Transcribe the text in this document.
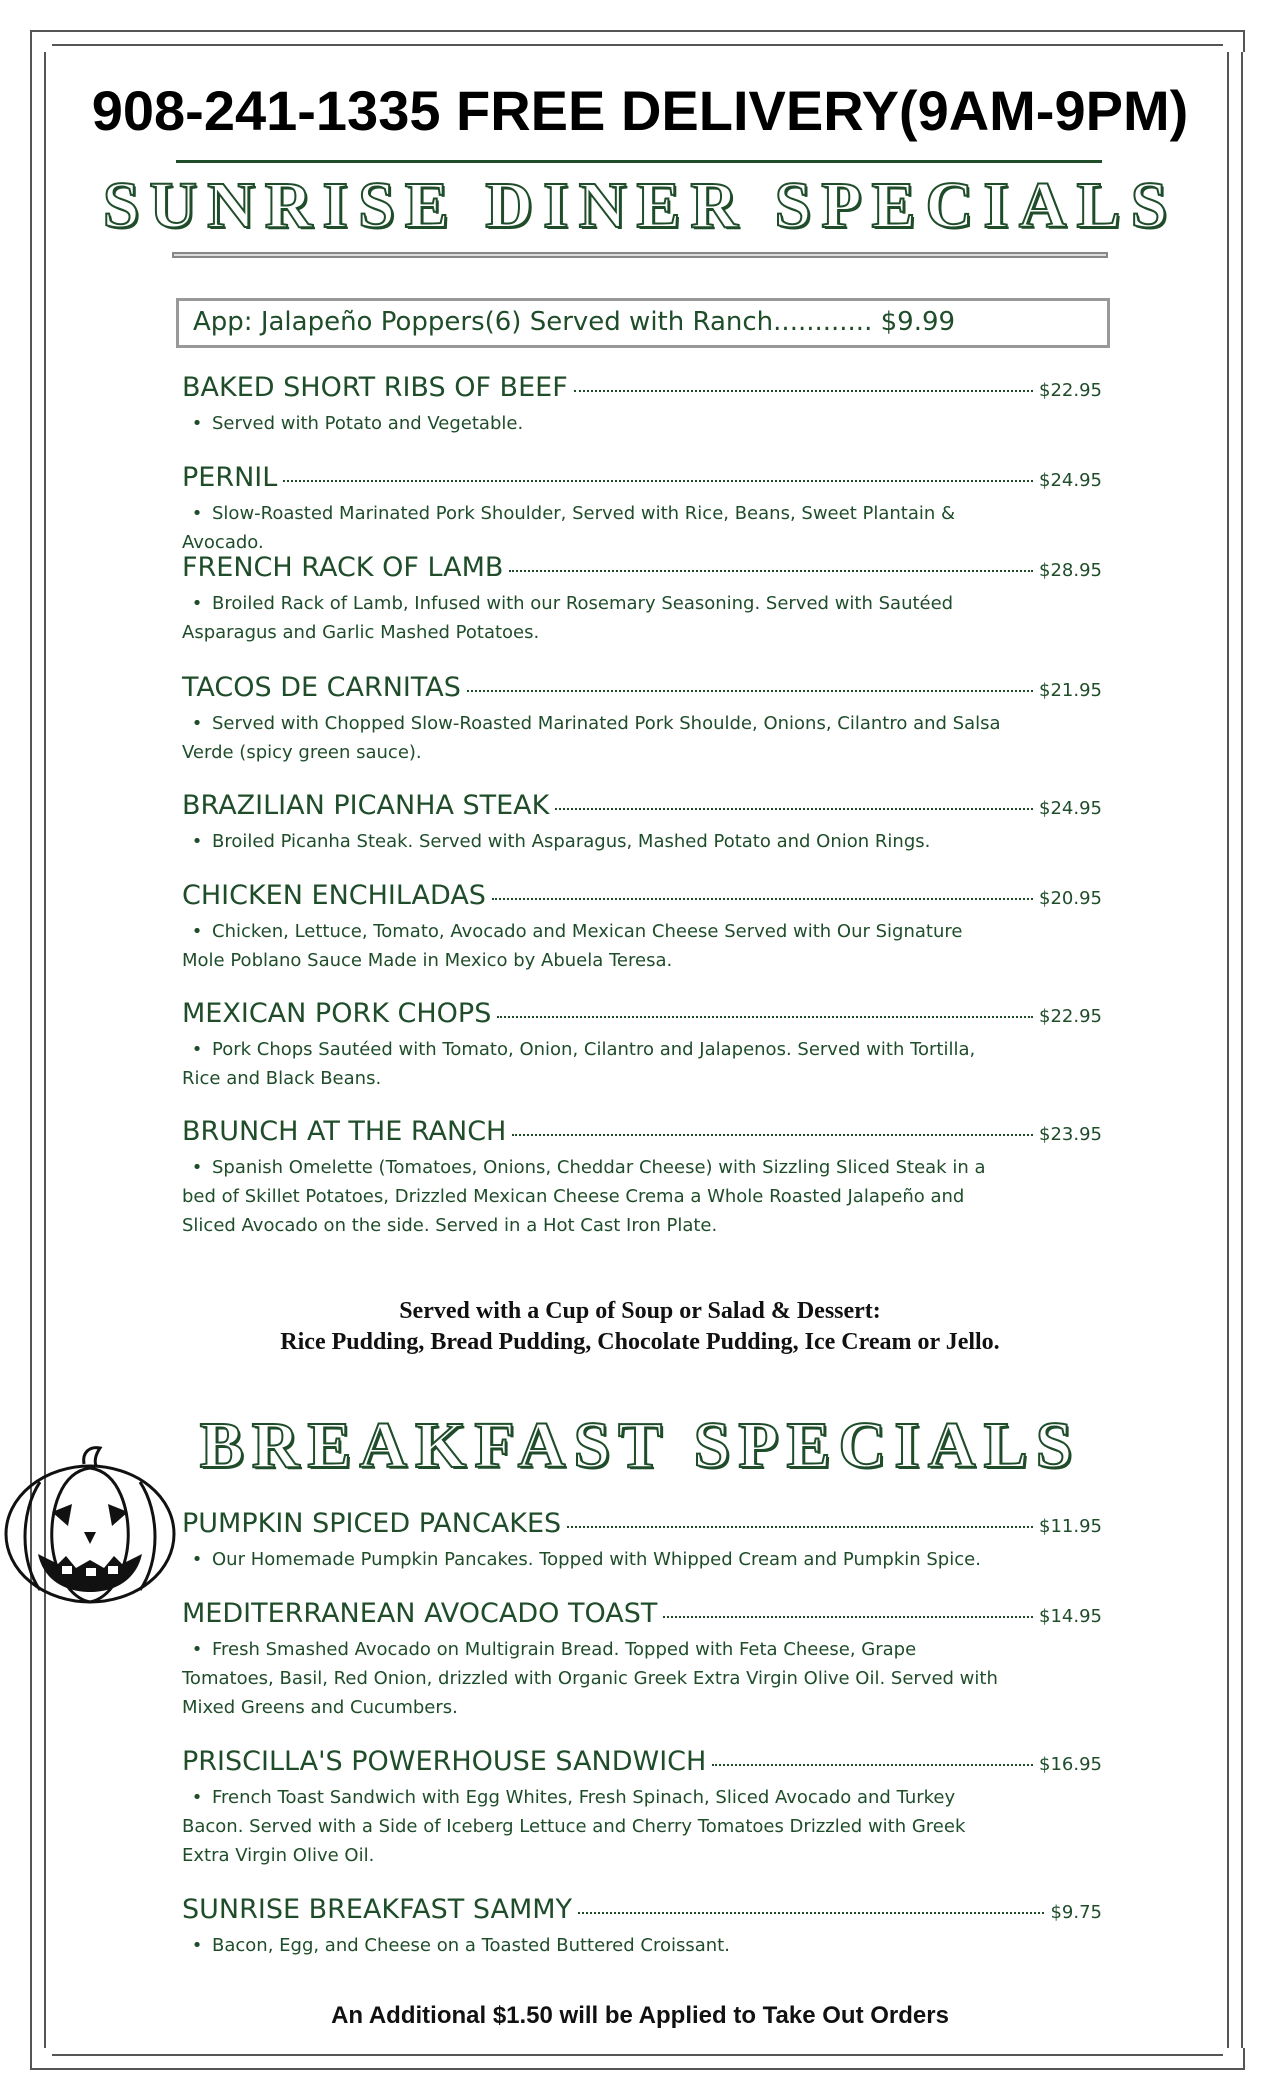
908-241-1335 FREE DELIVERY(9AM-9PM)
SUNRISE DINER SPECIALS
App: Jalapeño Poppers(6) Served with Ranch............ $9.99
BAKED SHORT RIBS OF BEEF	$22.95
• Served with Potato and Vegetable.
PERNIL	$24.95
• Slow-Roasted Marinated Pork Shoulder, Served with Rice, Beans, Sweet Plantain & Avocado.
FRENCH RACK OF LAMB	$28.95
• Broiled Rack of Lamb, Infused with our Rosemary Seasoning. Served with Sautéed Asparagus and Garlic Mashed Potatoes.
TACOS DE CARNITAS	$21.95
• Served with Chopped Slow-Roasted Marinated Pork Shoulde, Onions, Cilantro and Salsa Verde (spicy green sauce).
BRAZILIAN PICANHA STEAK	$24.95
• Broiled Picanha Steak. Served with Asparagus, Mashed Potato and Onion Rings.
CHICKEN ENCHILADAS	$20.95
• Chicken, Lettuce, Tomato, Avocado and Mexican Cheese Served with Our Signature Mole Poblano Sauce Made in Mexico by Abuela Teresa.
MEXICAN PORK CHOPS	$22.95
• Pork Chops Sautéed with Tomato, Onion, Cilantro and Jalapenos. Served with Tortilla, Rice and Black Beans.
BRUNCH AT THE RANCH	$23.95
• Spanish Omelette (Tomatoes, Onions, Cheddar Cheese) with Sizzling Sliced Steak in a bed of Skillet Potatoes, Drizzled Mexican Cheese Crema a Whole Roasted Jalapeño and Sliced Avocado on the side. Served in a Hot Cast Iron Plate.
Served with a Cup of Soup or Salad & Dessert:
Rice Pudding, Bread Pudding, Chocolate Pudding, Ice Cream or Jello.
BREAKFAST SPECIALS
PUMPKIN SPICED PANCAKES	$11.95
• Our Homemade Pumpkin Pancakes. Topped with Whipped Cream and Pumpkin Spice.
MEDITERRANEAN AVOCADO TOAST	$14.95
• Fresh Smashed Avocado on Multigrain Bread. Topped with Feta Cheese, Grape Tomatoes, Basil, Red Onion, drizzled with Organic Greek Extra Virgin Olive Oil. Served with Mixed Greens and Cucumbers.
PRISCILLA'S POWERHOUSE SANDWICH	$16.95
• French Toast Sandwich with Egg Whites, Fresh Spinach, Sliced Avocado and Turkey Bacon. Served with a Side of Iceberg Lettuce and Cherry Tomatoes Drizzled with Greek Extra Virgin Olive Oil.
SUNRISE BREAKFAST SAMMY	$9.75
• Bacon, Egg, and Cheese on a Toasted Buttered Croissant.
An Additional $1.50 will be Applied to Take Out Orders
